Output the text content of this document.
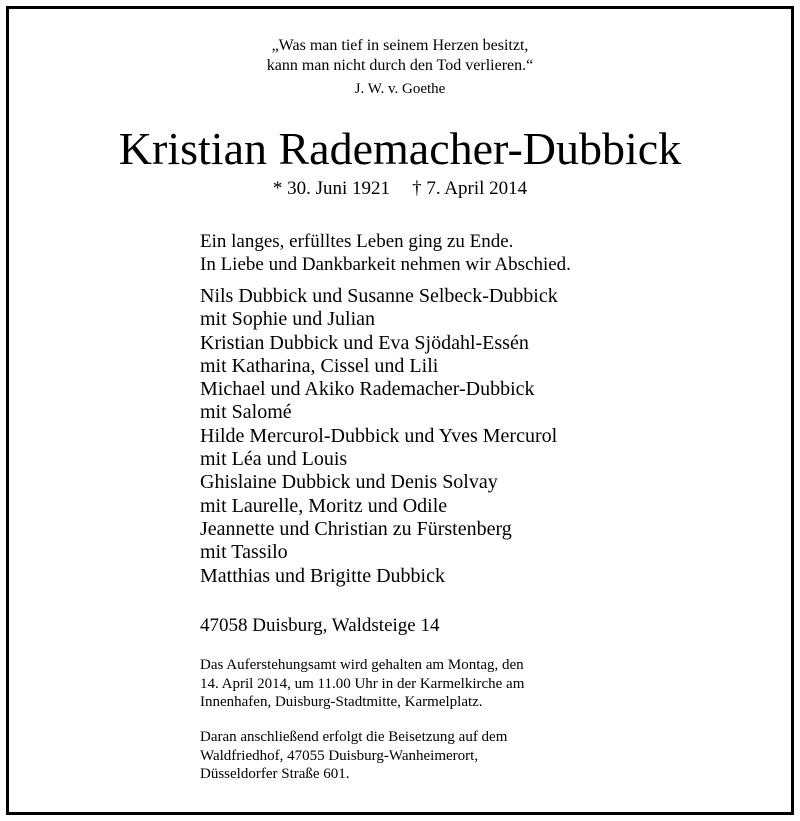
„Was man tief in seinem Herzen besitzt,
kann man nicht durch den Tod verlieren.“
J. W. v. Goethe
Kristian Rademacher-Dubbick
* 30. Juni 1921 † 7. April 2014
Ein langes, erfülltes Leben ging zu Ende.
In Liebe und Dankbarkeit nehmen wir Abschied.
Nils Dubbick und Susanne Selbeck-Dubbick
mit Sophie und Julian
Kristian Dubbick und Eva Sjödahl-Essén
mit Katharina, Cissel und Lili
Michael und Akiko Rademacher-Dubbick
mit Salomé
Hilde Mercurol-Dubbick und Yves Mercurol
mit Léa und Louis
Ghislaine Dubbick und Denis Solvay
mit Laurelle, Moritz und Odile
Jeannette und Christian zu Fürstenberg
mit Tassilo
Matthias und Brigitte Dubbick
47058 Duisburg, Waldsteige 14
Das Auferstehungsamt wird gehalten am Montag, den
14. April 2014, um 11.00 Uhr in der Karmelkirche am
Innenhafen, Duisburg-Stadtmitte, Karmelplatz.
Daran anschließend erfolgt die Beisetzung auf dem
Waldfriedhof, 47055 Duisburg-Wanheimerort,
Düsseldorfer Straße 601.
